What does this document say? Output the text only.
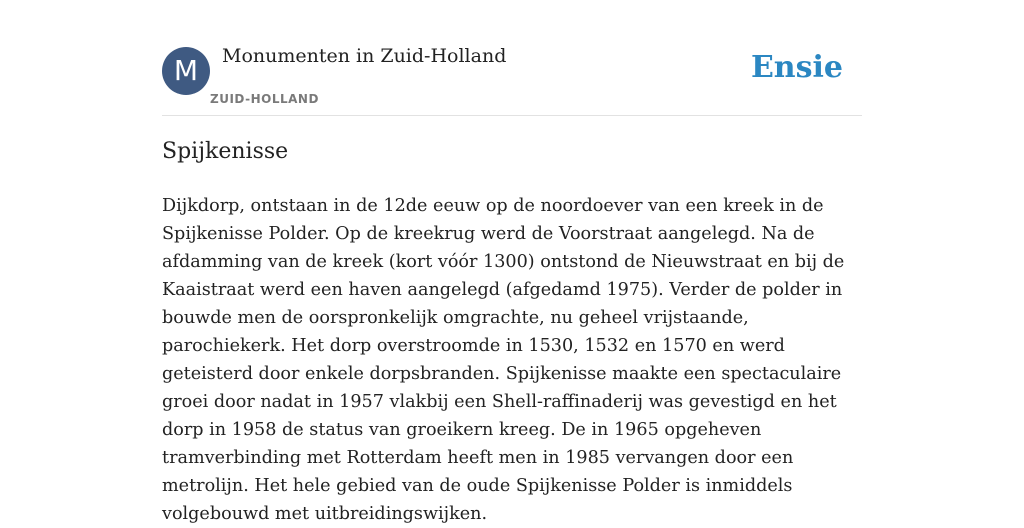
M	Monumenten in Zuid-Holland
ZUID-HOLLAND
Ensie
Spijkenisse

Dijkdorp, ontstaan in de 12de eeuw op de noordoever van een kreek in de Spijkenisse Polder. Op de kreekrug werd de Voorstraat aangelegd. Na de afdamming van de kreek (kort vóór 1300) ontstond de Nieuwstraat en bij de Kaaistraat werd een haven aangelegd (afgedamd 1975). Verder de polder in bouwde men de oorspronkelijk omgrachte, nu geheel vrijstaande, parochiekerk. Het dorp overstroomde in 1530, 1532 en 1570 en werd geteisterd door enkele dorpsbranden. Spijkenisse maakte een spectaculaire groei door nadat in 1957 vlakbij een Shell-raffinaderij was gevestigd en het dorp in 1958 de status van groeikern kreeg. De in 1965 opgeheven tramverbinding met Rotterdam heeft men in 1985 vervangen door een metrolijn. Het hele gebied van de oude Spijkenisse Polder is inmiddels volgebouwd met uitbreidingswijken.
